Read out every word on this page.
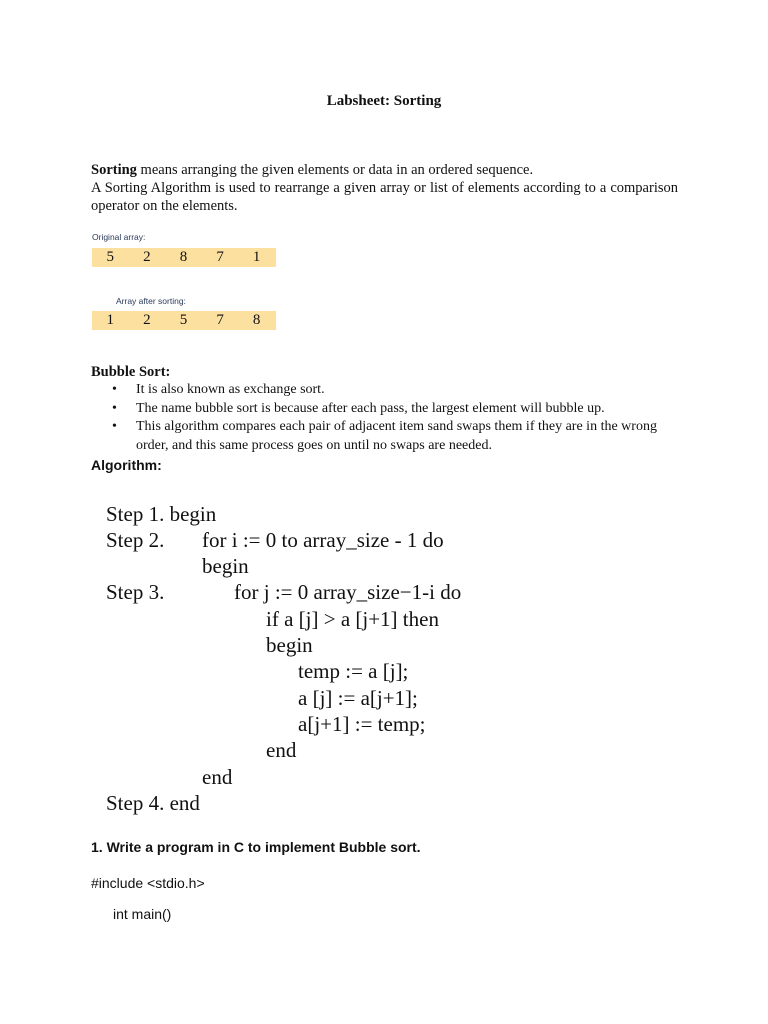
Labsheet: Sorting
Sorting means arranging the given elements or data in an ordered sequence.
A Sorting Algorithm is used to rearrange a given array or list of elements according to a comparison operator on the elements.
Original array:
5	2	8	7	1
Array after sorting:
1	2	5	7	8
Bubble Sort:
• It is also known as exchange sort.
• The name bubble sort is because after each pass, the largest element will bubble up.
• This algorithm compares each pair of adjacent item sand swaps them if they are in the wrong order, and this same process goes on until no swaps are needed.
Algorithm:
Step 1. begin
Step 2. for i := 0 to array_size - 1 do
begin
Step 3.	for j := 0 array_size−1-i do
if a [j] > a [j+1] then
begin
temp := a [j];
a [j] := a[j+1];
a[j+1] := temp;
end
end
Step 4. end
1. Write a program in C to implement Bubble sort.
#include <stdio.h>
int main()
